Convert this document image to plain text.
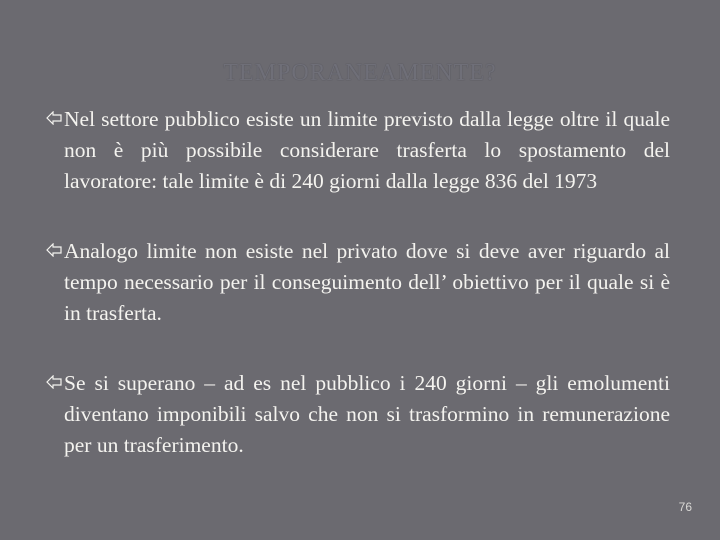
TEMPORANEAMENTE?
Nel settore pubblico esiste un limite previsto dalla legge oltre il quale non è più possibile considerare trasferta lo spostamento del lavoratore: tale limite è di 240 giorni dalla legge 836 del 1973
Analogo limite non esiste nel privato dove si deve aver riguardo al tempo necessario per il conseguimento dell’ obiettivo per il quale si è in trasferta.
Se si superano – ad es nel pubblico i 240 giorni – gli emolumenti diventano imponibili salvo che non si trasformino in remunerazione per un trasferimento.
76
